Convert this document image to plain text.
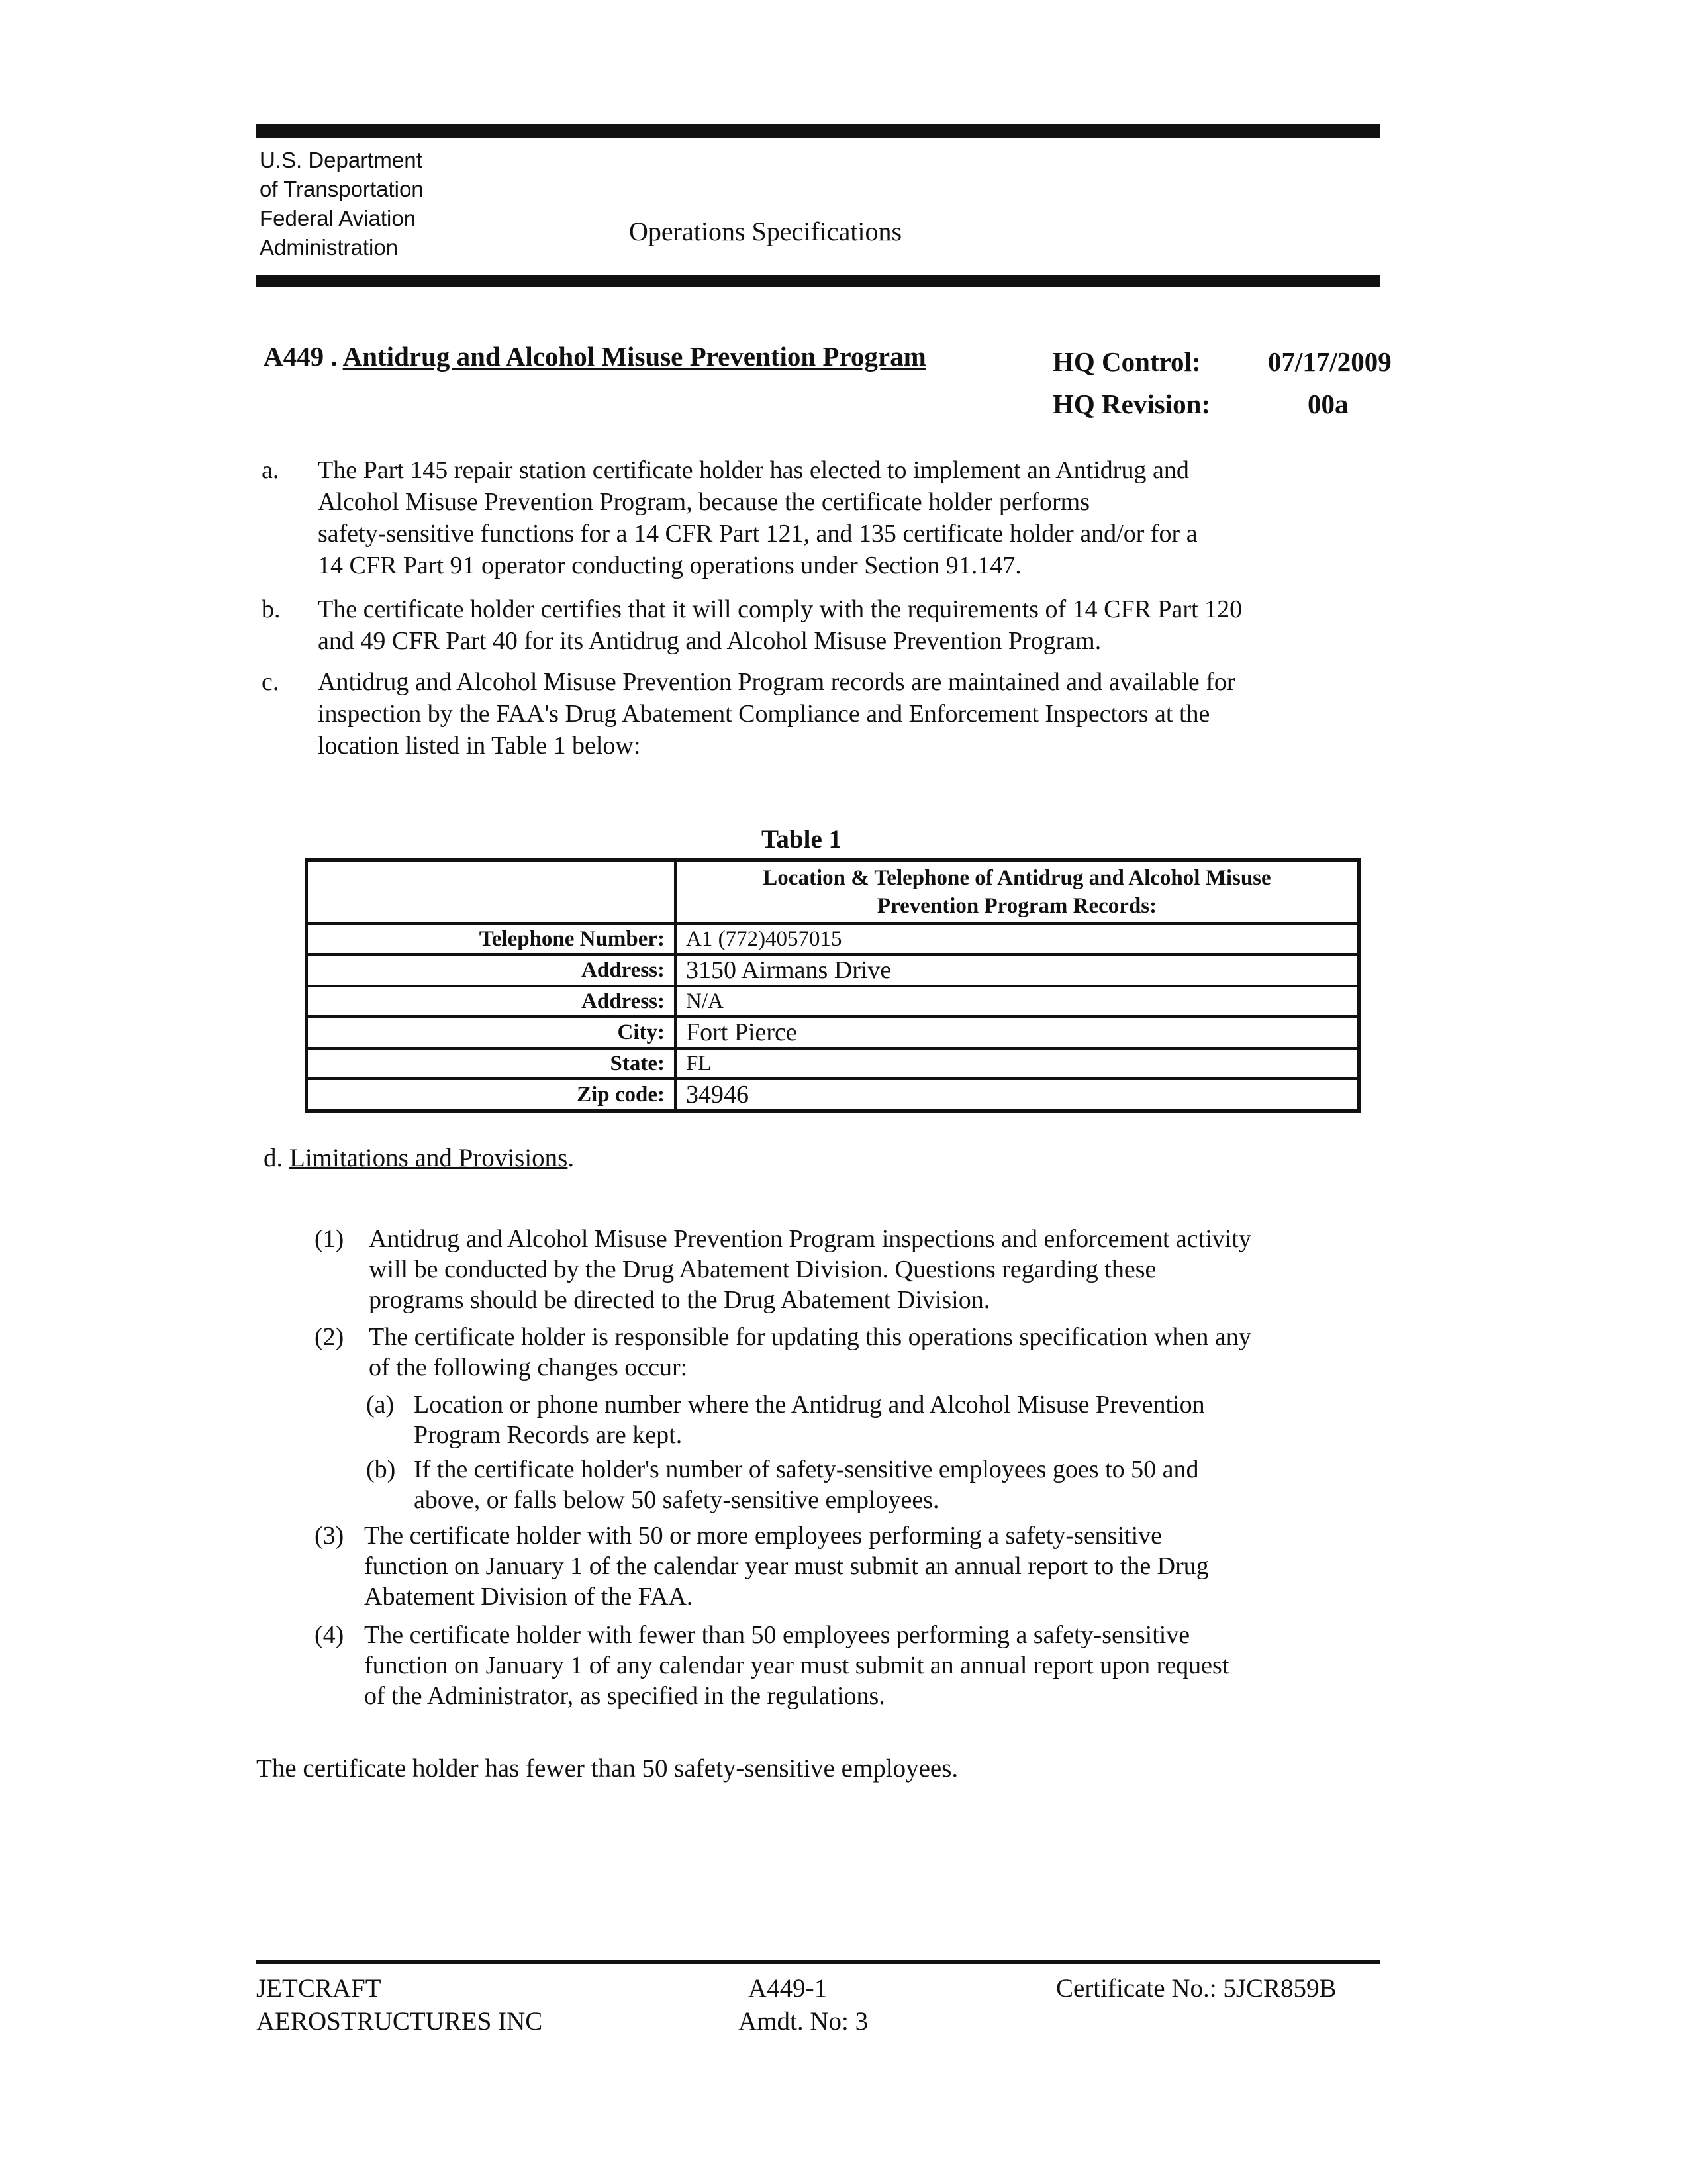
U.S. Department
of Transportation
Federal Aviation
Administration
Operations Specifications
A449 . Antidrug and Alcohol Misuse Prevention Program	HQ Control:	07/17/2009
HQ Revision:	00a
a. The Part 145 repair station certificate holder has elected to implement an Antidrug and
Alcohol Misuse Prevention Program, because the certificate holder performs
safety-sensitive functions for a 14 CFR Part 121, and 135 certificate holder and/or for a
14 CFR Part 91 operator conducting operations under Section 91.147.
b. The certificate holder certifies that it will comply with the requirements of 14 CFR Part 120
and 49 CFR Part 40 for its Antidrug and Alcohol Misuse Prevention Program.
c. Antidrug and Alcohol Misuse Prevention Program records are maintained and available for
inspection by the FAA's Drug Abatement Compliance and Enforcement Inspectors at the
location listed in Table 1 below:
Table 1
	Location & Telephone of Antidrug and Alcohol Misuse Prevention Program Records:
Telephone Number:	A1 (772)4057015
Address:	3150 Airmans Drive
Address:	N/A
City:	Fort Pierce
State:	FL
Zip code:	34946
d. Limitations and Provisions.
(1) Antidrug and Alcohol Misuse Prevention Program inspections and enforcement activity
will be conducted by the Drug Abatement Division. Questions regarding these
programs should be directed to the Drug Abatement Division.
(2) The certificate holder is responsible for updating this operations specification when any
of the following changes occur:
(a) Location or phone number where the Antidrug and Alcohol Misuse Prevention
Program Records are kept.
(b) If the certificate holder's number of safety-sensitive employees goes to 50 and
above, or falls below 50 safety-sensitive employees.
(3) The certificate holder with 50 or more employees performing a safety-sensitive
function on January 1 of the calendar year must submit an annual report to the Drug
Abatement Division of the FAA.
(4) The certificate holder with fewer than 50 employees performing a safety-sensitive
function on January 1 of any calendar year must submit an annual report upon request
of the Administrator, as specified in the regulations.
The certificate holder has fewer than 50 safety-sensitive employees.
JETCRAFT
AEROSTRUCTURES INC
A449-1
Amdt. No: 3
Certificate No.: 5JCR859B
